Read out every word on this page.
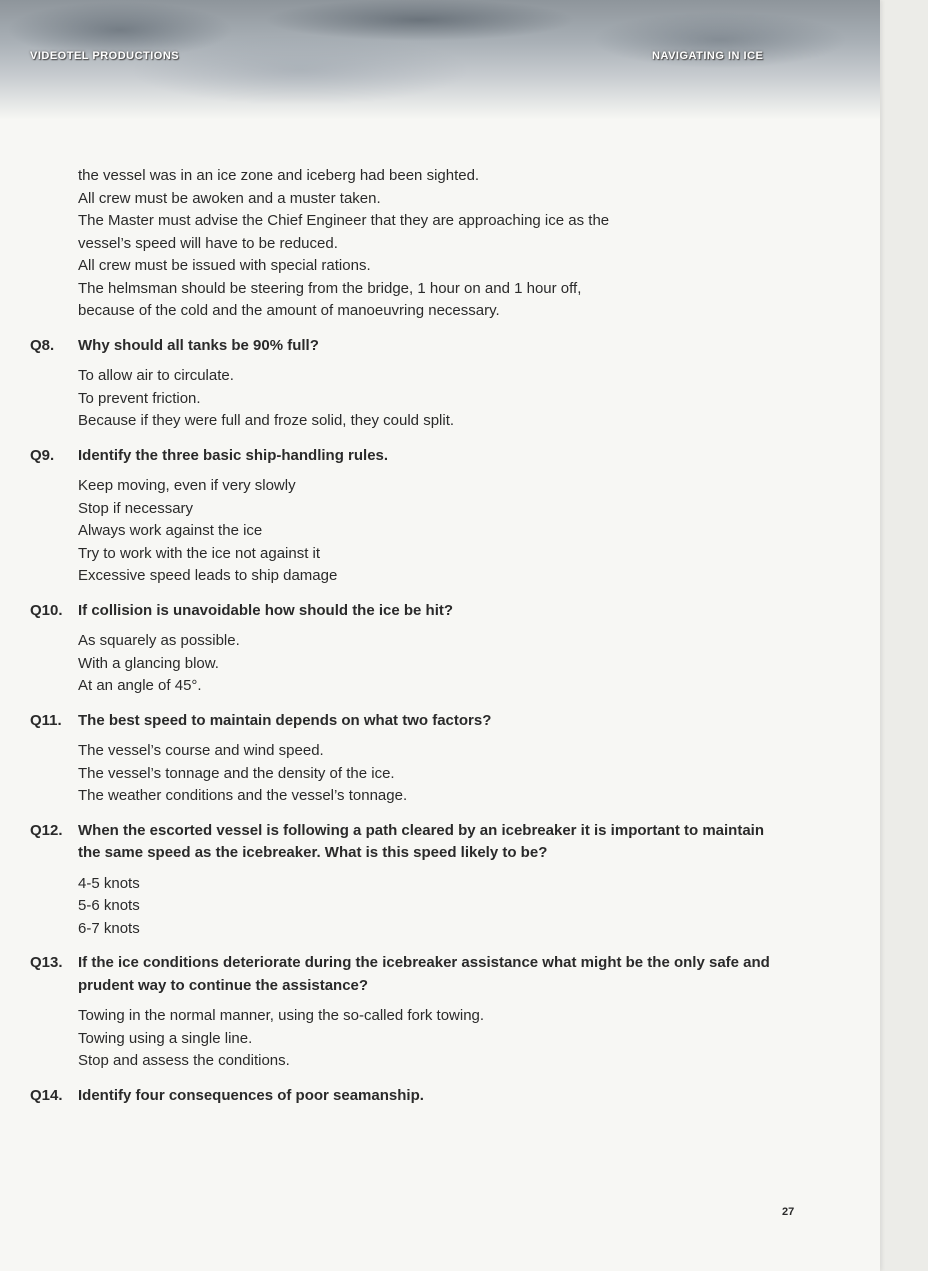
VIDEOTEL PRODUCTIONS	NAVIGATING IN ICE
the vessel was in an ice zone and iceberg had been sighted.
All crew must be awoken and a muster taken.
The Master must advise the Chief Engineer that they are approaching ice as the
vessel’s speed will have to be reduced.
All crew must be issued with special rations.
The helmsman should be steering from the bridge, 1 hour on and 1 hour off,
because of the cold and the amount of manoeuvring necessary.
Q8.	Why should all tanks be 90% full?
To allow air to circulate.
To prevent friction.
Because if they were full and froze solid, they could split.
Q9.	Identify the three basic ship-handling rules.
Keep moving, even if very slowly
Stop if necessary
Always work against the ice
Try to work with the ice not against it
Excessive speed leads to ship damage
Q10.	If collision is unavoidable how should the ice be hit?
As squarely as possible.
With a glancing blow.
At an angle of 45°.
Q11.	The best speed to maintain depends on what two factors?
The vessel’s course and wind speed.
The vessel’s tonnage and the density of the ice.
The weather conditions and the vessel’s tonnage.
Q12.	When the escorted vessel is following a path cleared by an icebreaker it is important to maintain the same speed as the icebreaker. What is this speed likely to be?
4-5 knots
5-6 knots
6-7 knots
Q13.	If the ice conditions deteriorate during the icebreaker assistance what might be the only safe and prudent way to continue the assistance?
Towing in the normal manner, using the so-called fork towing.
Towing using a single line.
Stop and assess the conditions.
Q14.	Identify four consequences of poor seamanship.
27
